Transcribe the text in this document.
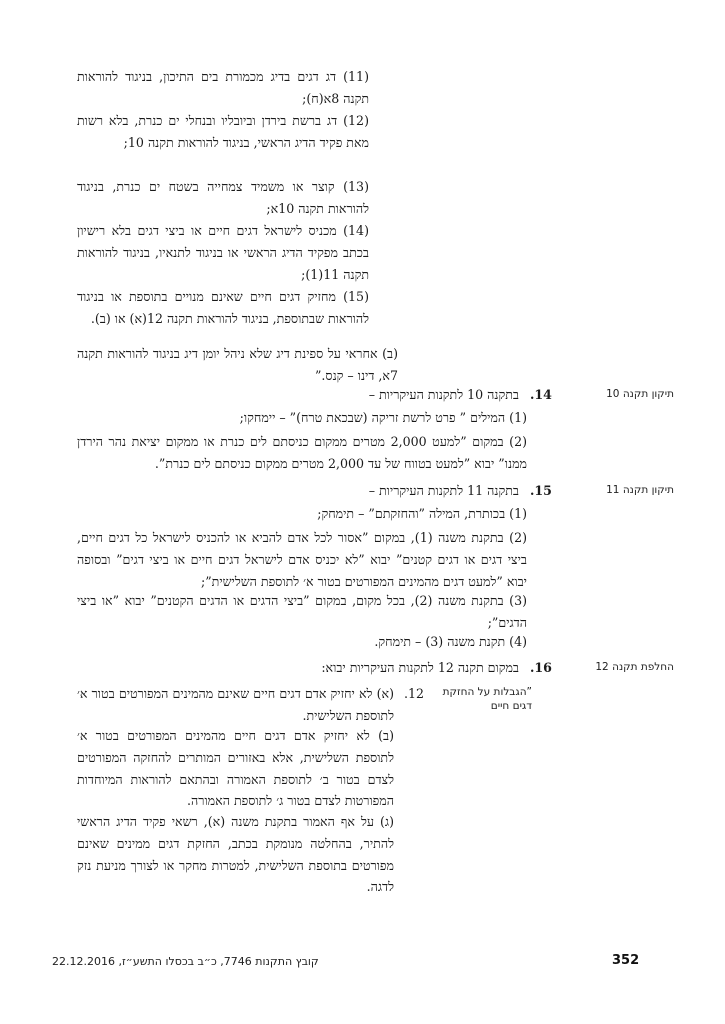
(11) דג דגים בדיג מכמורת בים התיכון, בניגוד להוראות תקנה 8א(ח);

(12) דג ברשת בירדן וביובליו ובנחלי ים כנרת, בלא רשות מאת פקיד הדיג הראשי, בניגוד להוראות תקנה 10;

(13) קוצר או משמיד צמחייה בשטח ים כנרת, בניגוד להוראות תקנה 10א;

(14) מכניס לישראל דגים חיים או ביצי דגים בלא רישיון בכתב מפקיד הדיג הראשי או בניגוד לתנאיו, בניגוד להוראות תקנה 11(1);

(15) מחזיק דגים חיים שאינם מנויים בתוספת או בניגוד להוראות שבתוספת, בניגוד להוראות תקנה 12(א) או (ב).

(ב) אחראי על ספינת דיג שלא ניהל יומן דיג בניגוד להוראות תקנה 7א, דינו – קנס.”

תיקון תקנה 10
14.

בתקנה 10 לתקנות העיקריות –

(1) המילים ” פרט לרשת זריקה (שבכאת טרח)” – יימחקו;

(2) במקום ”למעט 2,000 מטרים ממקום כניסתם לים כנרת או ממקום יציאת נהר הירדן ממנו” יבוא ”למעט בטווח של עד 2,000 מטרים ממקום כניסתם לים כנרת”.

תיקון תקנה 11
15.

בתקנה 11 לתקנות העיקריות –

(1) בכותרת, המילה ”והחזקתם” – תימחק;

(2) בתקנת משנה (1), במקום ”אסור לכל אדם להביא או להכניס לישראל כל דגים חיים, ביצי דגים או דגים קטנים” יבוא ”לא יכניס אדם לישראל דגים חיים או ביצי דגים” ובסופה יבוא ”למעט דגים מהמינים המפורטים בטור א׳ לתוספת השלישית”;

(3) בתקנת משנה (2), בכל מקום, במקום ”ביצי הדגים או הדגים הקטנים” יבוא ”או ביצי הדגים”;

(4) תקנת משנה (3) – תימחק.

החלפת תקנה 12
16.

במקום תקנה 12 לתקנות העיקריות יבוא:

”הגבלות על החזקת דגים חיים
12.

(א) לא יחזיק אדם דגים חיים שאינם מהמינים המפורטים בטור א׳ לתוספת השלישית.

(ב) לא יחזיק אדם דגים חיים מהמינים המפורטים בטור א׳ לתוספת השלישית, אלא באזורים המותרים להחזקה המפורטים לצדם בטור ב׳ לתוספת האמורה ובהתאם להוראות המיוחדות המפורטות לצדם בטור ג׳ לתוספת האמורה.

(ג) על אף האמור בתקנת משנה (א), רשאי פקיד הדיג הראשי להתיר, בהחלטה מנומקת בכתב, החזקת דגים ממינים שאינם מפורטים בתוספת השלישית, למטרות מחקר או לצורך מניעת נזק לדגה.

קובץ התקנות 7746, כ״ב בכסלו התשע״ז, 22.12.2016	352
